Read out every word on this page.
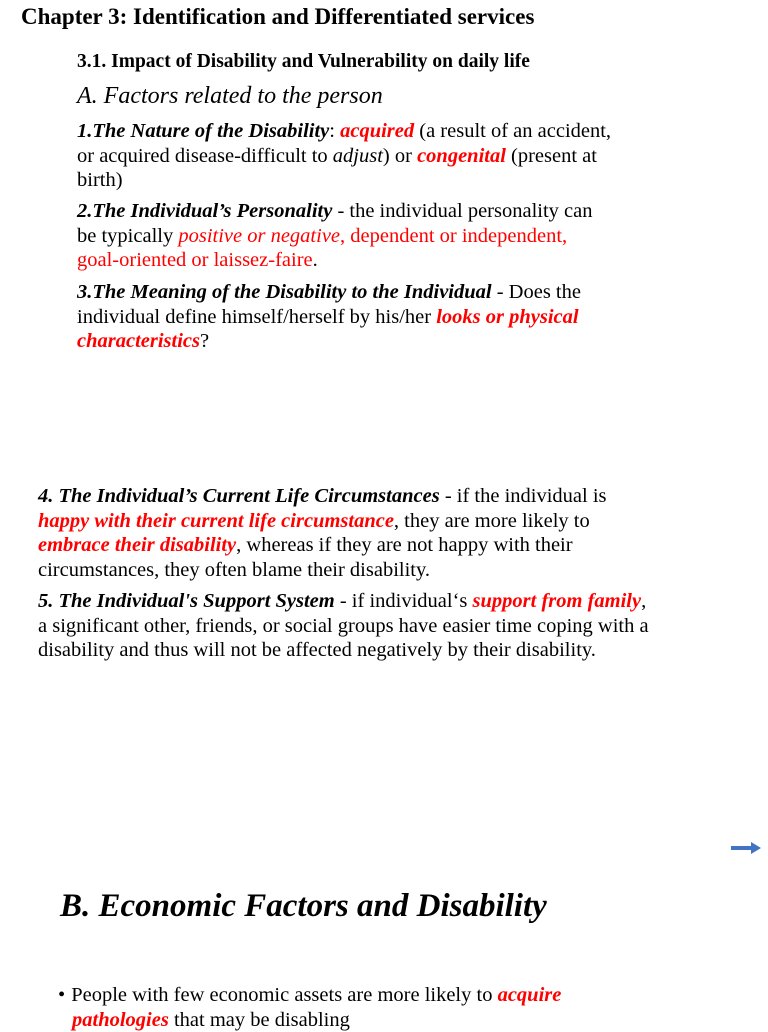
Chapter 3: Identification and Differentiated services
3.1. Impact of Disability and Vulnerability on daily life
A. Factors related to the person
1.The Nature of the Disability: acquired (a result of an accident,
or acquired disease-difficult to adjust) or congenital (present at
birth)
2.The Individual’s Personality - the individual personality can
be typically positive or negative, dependent or independent,
goal-oriented or laissez-faire.
3.The Meaning of the Disability to the Individual - Does the
individual define himself/herself by his/her looks or physical
characteristics?
4. The Individual’s Current Life Circumstances - if the individual is
happy with their current life circumstance, they are more likely to
embrace their disability, whereas if they are not happy with their
circumstances, they often blame their disability.
5. The Individual's Support System - if individual‘s support from family,
a significant other, friends, or social groups have easier time coping with a
disability and thus will not be affected negatively by their disability.
B. Economic Factors and Disability
• People with few economic assets are more likely to acquire
pathologies that may be disabling
